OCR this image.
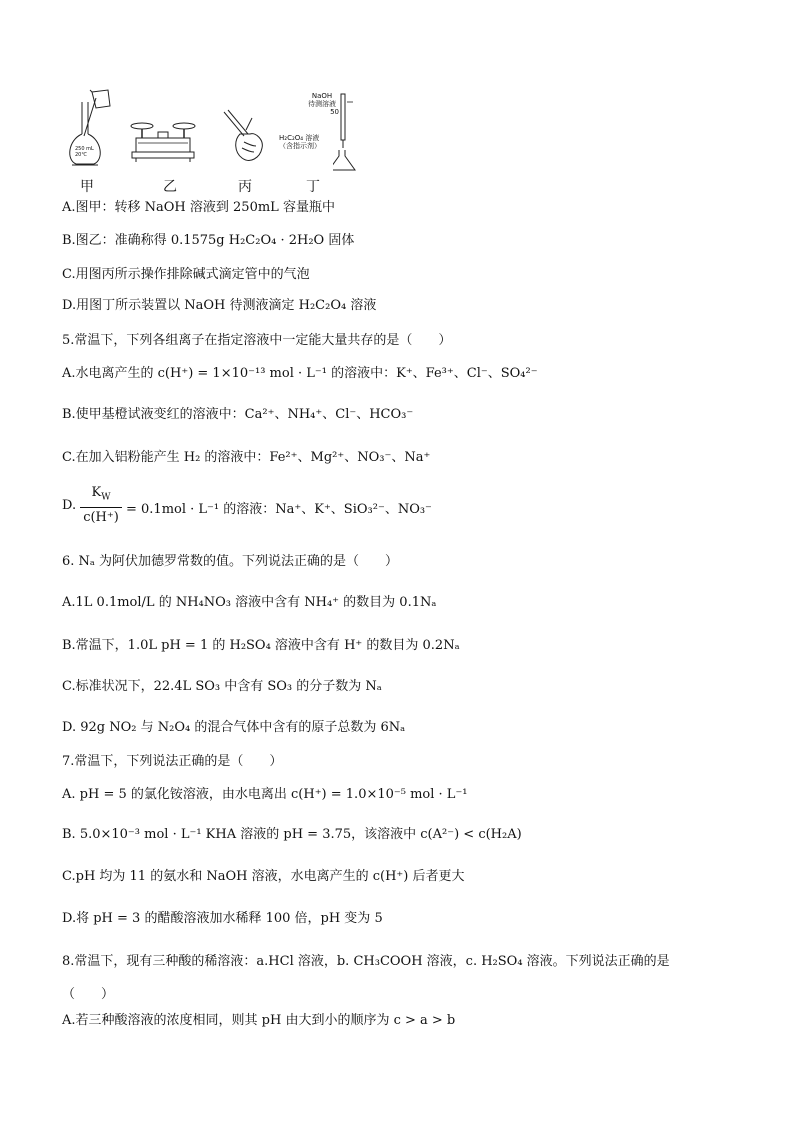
250 mL
20℃
NaOH
待测溶液
50
H₂C₂O₄ 溶液
（含指示剂）
甲	乙	丙	丁
A.图甲：转移 NaOH 溶液到 250mL 容量瓶中
B.图乙：准确称得 0.1575g H₂C₂O₄ · 2H₂O 固体
C.用图丙所示操作排除碱式滴定管中的气泡
D.用图丁所示装置以 NaOH 待测液滴定 H₂C₂O₄ 溶液
5.常温下，下列各组离子在指定溶液中一定能大量共存的是（　　）
A.水电离产生的 c(H⁺) = 1×10⁻¹³ mol · L⁻¹ 的溶液中：K⁺、Fe³⁺、Cl⁻、SO₄²⁻
B.使甲基橙试液变红的溶液中：Ca²⁺、NH₄⁺、Cl⁻、HCO₃⁻
C.在加入铝粉能产生 H₂ 的溶液中：Fe²⁺、Mg²⁺、NO₃⁻、Na⁺
D.
$K_W$
c(H⁺)
= 0.1mol · L⁻¹ 的溶液：Na⁺、K⁺、SiO₃²⁻、NO₃⁻
6. Nₐ 为阿伏加德罗常数的值。下列说法正确的是（　　）
A.1L 0.1mol/L 的 NH₄NO₃ 溶液中含有 NH₄⁺ 的数目为 0.1Nₐ
B.常温下，1.0L pH = 1 的 H₂SO₄ 溶液中含有 H⁺ 的数目为 0.2Nₐ
C.标准状况下，22.4L SO₃ 中含有 SO₃ 的分子数为 Nₐ
D. 92g NO₂ 与 N₂O₄ 的混合气体中含有的原子总数为 6Nₐ
7.常温下，下列说法正确的是（　　）
A. pH = 5 的氯化铵溶液，由水电离出 c(H⁺) = 1.0×10⁻⁵ mol · L⁻¹
B. 5.0×10⁻³ mol · L⁻¹ KHA 溶液的 pH = 3.75，该溶液中 c(A²⁻) < c(H₂A)
C.pH 均为 11 的氨水和 NaOH 溶液，水电离产生的 c(H⁺) 后者更大
D.将 pH = 3 的醋酸溶液加水稀释 100 倍，pH 变为 5
8.常温下，现有三种酸的稀溶液：a.HCl 溶液，b. CH₃COOH 溶液，c. H₂SO₄ 溶液。下列说法正确的是
（　　）
A.若三种酸溶液的浓度相同，则其 pH 由大到小的顺序为 c > a > b
